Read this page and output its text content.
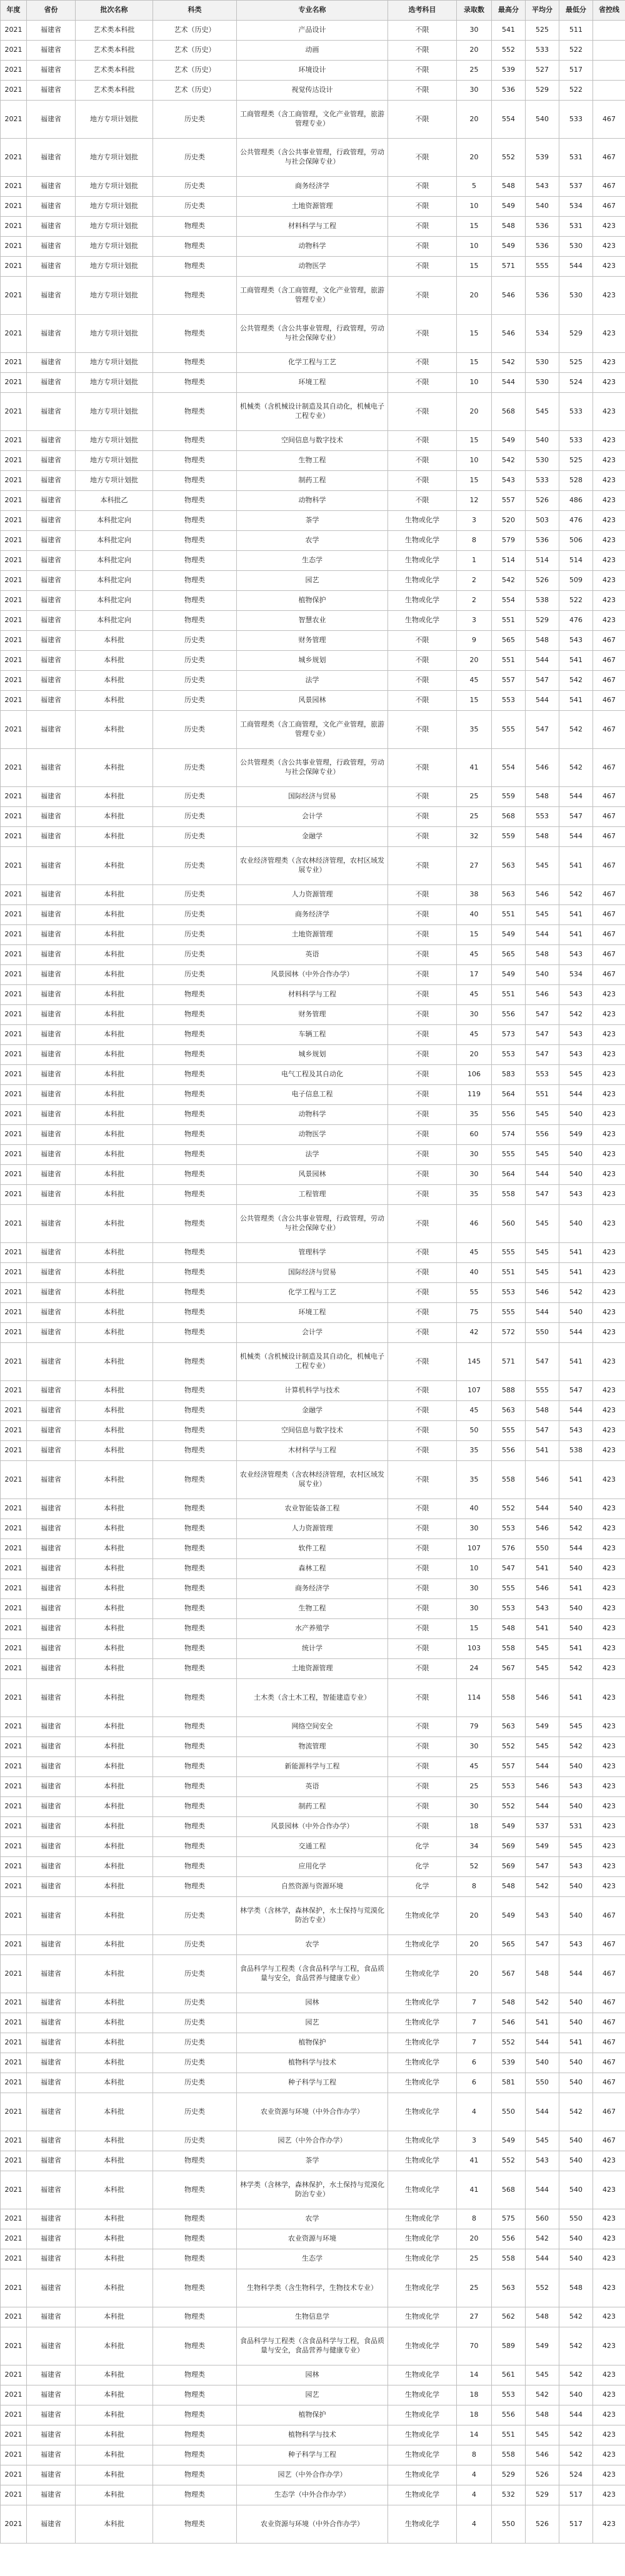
年度	省份	批次名称	科类	专业名称	选考科目	录取数	最高分	平均分	最低分	省控线
2021	福建省	艺术类本科批	艺术（历史）	产品设计	不限	30	541	525	511	
2021	福建省	艺术类本科批	艺术（历史）	动画	不限	20	552	533	522	
2021	福建省	艺术类本科批	艺术（历史）	环境设计	不限	25	539	527	517	
2021	福建省	艺术类本科批	艺术（历史）	视觉传达设计	不限	30	536	529	522	
2021	福建省	地方专项计划批	历史类	工商管理类（含工商管理，文化产业管理，旅游管理专业）	不限	20	554	540	533	467
2021	福建省	地方专项计划批	历史类	公共管理类（含公共事业管理，行政管理，劳动与社会保障专业）	不限	20	552	539	531	467
2021	福建省	地方专项计划批	历史类	商务经济学	不限	5	548	543	537	467
2021	福建省	地方专项计划批	历史类	土地资源管理	不限	10	549	540	534	467
2021	福建省	地方专项计划批	物理类	材料科学与工程	不限	15	548	536	531	423
2021	福建省	地方专项计划批	物理类	动物科学	不限	10	549	536	530	423
2021	福建省	地方专项计划批	物理类	动物医学	不限	15	571	555	544	423
2021	福建省	地方专项计划批	物理类	工商管理类（含工商管理，文化产业管理，旅游管理专业）	不限	20	546	536	530	423
2021	福建省	地方专项计划批	物理类	公共管理类（含公共事业管理，行政管理，劳动与社会保障专业）	不限	15	546	534	529	423
2021	福建省	地方专项计划批	物理类	化学工程与工艺	不限	15	542	530	525	423
2021	福建省	地方专项计划批	物理类	环境工程	不限	10	544	530	524	423
2021	福建省	地方专项计划批	物理类	机械类（含机械设计制造及其自动化，机械电子工程专业）	不限	20	568	545	533	423
2021	福建省	地方专项计划批	物理类	空间信息与数字技术	不限	15	549	540	533	423
2021	福建省	地方专项计划批	物理类	生物工程	不限	10	542	530	525	423
2021	福建省	地方专项计划批	物理类	制药工程	不限	15	543	533	528	423
2021	福建省	本科批乙	物理类	动物科学	不限	12	557	526	486	423
2021	福建省	本科批定向	物理类	茶学	生物或化学	3	520	503	476	423
2021	福建省	本科批定向	物理类	农学	生物或化学	8	579	536	506	423
2021	福建省	本科批定向	物理类	生态学	生物或化学	1	514	514	514	423
2021	福建省	本科批定向	物理类	园艺	生物或化学	2	542	526	509	423
2021	福建省	本科批定向	物理类	植物保护	生物或化学	2	554	538	522	423
2021	福建省	本科批定向	物理类	智慧农业	生物或化学	3	551	529	476	423
2021	福建省	本科批	历史类	财务管理	不限	9	565	548	543	467
2021	福建省	本科批	历史类	城乡规划	不限	20	551	544	541	467
2021	福建省	本科批	历史类	法学	不限	45	557	547	542	467
2021	福建省	本科批	历史类	风景园林	不限	15	553	544	541	467
2021	福建省	本科批	历史类	工商管理类（含工商管理，文化产业管理，旅游管理专业）	不限	35	555	547	542	467
2021	福建省	本科批	历史类	公共管理类（含公共事业管理，行政管理，劳动与社会保障专业）	不限	41	554	546	542	467
2021	福建省	本科批	历史类	国际经济与贸易	不限	25	559	548	544	467
2021	福建省	本科批	历史类	会计学	不限	25	568	553	547	467
2021	福建省	本科批	历史类	金融学	不限	32	559	548	544	467
2021	福建省	本科批	历史类	农业经济管理类（含农林经济管理，农村区域发展专业）	不限	27	563	545	541	467
2021	福建省	本科批	历史类	人力资源管理	不限	38	563	546	542	467
2021	福建省	本科批	历史类	商务经济学	不限	40	551	545	541	467
2021	福建省	本科批	历史类	土地资源管理	不限	15	549	544	541	467
2021	福建省	本科批	历史类	英语	不限	45	565	548	543	467
2021	福建省	本科批	历史类	风景园林（中外合作办学）	不限	17	549	540	534	467
2021	福建省	本科批	物理类	材料科学与工程	不限	45	551	546	543	423
2021	福建省	本科批	物理类	财务管理	不限	30	556	547	542	423
2021	福建省	本科批	物理类	车辆工程	不限	45	573	547	543	423
2021	福建省	本科批	物理类	城乡规划	不限	20	553	547	543	423
2021	福建省	本科批	物理类	电气工程及其自动化	不限	106	583	553	545	423
2021	福建省	本科批	物理类	电子信息工程	不限	119	564	551	544	423
2021	福建省	本科批	物理类	动物科学	不限	35	556	545	540	423
2021	福建省	本科批	物理类	动物医学	不限	60	574	556	549	423
2021	福建省	本科批	物理类	法学	不限	30	555	545	540	423
2021	福建省	本科批	物理类	风景园林	不限	30	564	544	540	423
2021	福建省	本科批	物理类	工程管理	不限	35	558	547	543	423
2021	福建省	本科批	物理类	公共管理类（含公共事业管理，行政管理，劳动与社会保障专业）	不限	46	560	545	540	423
2021	福建省	本科批	物理类	管理科学	不限	45	555	545	541	423
2021	福建省	本科批	物理类	国际经济与贸易	不限	40	551	545	541	423
2021	福建省	本科批	物理类	化学工程与工艺	不限	55	553	546	542	423
2021	福建省	本科批	物理类	环境工程	不限	75	555	544	540	423
2021	福建省	本科批	物理类	会计学	不限	42	572	550	544	423
2021	福建省	本科批	物理类	机械类（含机械设计制造及其自动化，机械电子工程专业）	不限	145	571	547	541	423
2021	福建省	本科批	物理类	计算机科学与技术	不限	107	588	555	547	423
2021	福建省	本科批	物理类	金融学	不限	45	563	548	544	423
2021	福建省	本科批	物理类	空间信息与数字技术	不限	50	555	547	543	423
2021	福建省	本科批	物理类	木材科学与工程	不限	35	556	541	538	423
2021	福建省	本科批	物理类	农业经济管理类（含农林经济管理，农村区域发展专业）	不限	35	558	546	541	423
2021	福建省	本科批	物理类	农业智能装备工程	不限	40	552	544	540	423
2021	福建省	本科批	物理类	人力资源管理	不限	30	553	546	542	423
2021	福建省	本科批	物理类	软件工程	不限	107	576	550	544	423
2021	福建省	本科批	物理类	森林工程	不限	10	547	541	540	423
2021	福建省	本科批	物理类	商务经济学	不限	30	555	546	541	423
2021	福建省	本科批	物理类	生物工程	不限	30	553	543	540	423
2021	福建省	本科批	物理类	水产养殖学	不限	15	548	541	540	423
2021	福建省	本科批	物理类	统计学	不限	103	558	545	541	423
2021	福建省	本科批	物理类	土地资源管理	不限	24	567	545	542	423
2021	福建省	本科批	物理类	土木类（含土木工程，智能建造专业）	不限	114	558	546	541	423
2021	福建省	本科批	物理类	网络空间安全	不限	79	563	549	545	423
2021	福建省	本科批	物理类	物流管理	不限	30	552	545	542	423
2021	福建省	本科批	物理类	新能源科学与工程	不限	45	557	544	540	423
2021	福建省	本科批	物理类	英语	不限	25	553	546	543	423
2021	福建省	本科批	物理类	制药工程	不限	30	552	544	540	423
2021	福建省	本科批	物理类	风景园林（中外合作办学）	不限	18	549	537	531	423
2021	福建省	本科批	物理类	交通工程	化学	34	569	549	545	423
2021	福建省	本科批	物理类	应用化学	化学	52	569	547	543	423
2021	福建省	本科批	物理类	自然资源与资源环境	化学	8	548	542	540	423
2021	福建省	本科批	历史类	林学类（含林学，森林保护，水土保持与荒漠化防治专业）	生物或化学	20	549	543	540	467
2021	福建省	本科批	历史类	农学	生物或化学	20	565	547	543	467
2021	福建省	本科批	历史类	食品科学与工程类（含食品科学与工程，食品质量与安全，食品营养与健康专业）	生物或化学	20	567	548	544	467
2021	福建省	本科批	历史类	园林	生物或化学	7	548	542	540	467
2021	福建省	本科批	历史类	园艺	生物或化学	7	546	541	540	467
2021	福建省	本科批	历史类	植物保护	生物或化学	7	552	544	541	467
2021	福建省	本科批	历史类	植物科学与技术	生物或化学	6	539	540	540	467
2021	福建省	本科批	历史类	种子科学与工程	生物或化学	6	581	550	540	467
2021	福建省	本科批	历史类	农业资源与环境（中外合作办学）	生物或化学	4	550	544	542	467
2021	福建省	本科批	历史类	园艺（中外合作办学）	生物或化学	3	549	545	540	467
2021	福建省	本科批	物理类	茶学	生物或化学	41	552	543	540	423
2021	福建省	本科批	物理类	林学类（含林学，森林保护，水土保持与荒漠化防治专业）	生物或化学	41	568	544	540	423
2021	福建省	本科批	物理类	农学	生物或化学	8	575	560	550	423
2021	福建省	本科批	物理类	农业资源与环境	生物或化学	20	556	542	540	423
2021	福建省	本科批	物理类	生态学	生物或化学	25	558	544	540	423
2021	福建省	本科批	物理类	生物科学类（含生物科学，生物技术专业）	生物或化学	25	563	552	548	423
2021	福建省	本科批	物理类	生物信息学	生物或化学	27	562	548	542	423
2021	福建省	本科批	物理类	食品科学与工程类（含食品科学与工程，食品质量与安全，食品营养与健康专业）	生物或化学	70	589	549	542	423
2021	福建省	本科批	物理类	园林	生物或化学	14	561	545	542	423
2021	福建省	本科批	物理类	园艺	生物或化学	18	553	542	540	423
2021	福建省	本科批	物理类	植物保护	生物或化学	18	556	548	544	423
2021	福建省	本科批	物理类	植物科学与技术	生物或化学	14	551	545	542	423
2021	福建省	本科批	物理类	种子科学与工程	生物或化学	8	558	546	542	423
2021	福建省	本科批	物理类	园艺（中外合作办学）	生物或化学	4	529	526	524	423
2021	福建省	本科批	物理类	生态学（中外合作办学）	生物或化学	4	532	529	517	423
2021	福建省	本科批	物理类	农业资源与环境（中外合作办学）	生物或化学	4	550	526	517	423
